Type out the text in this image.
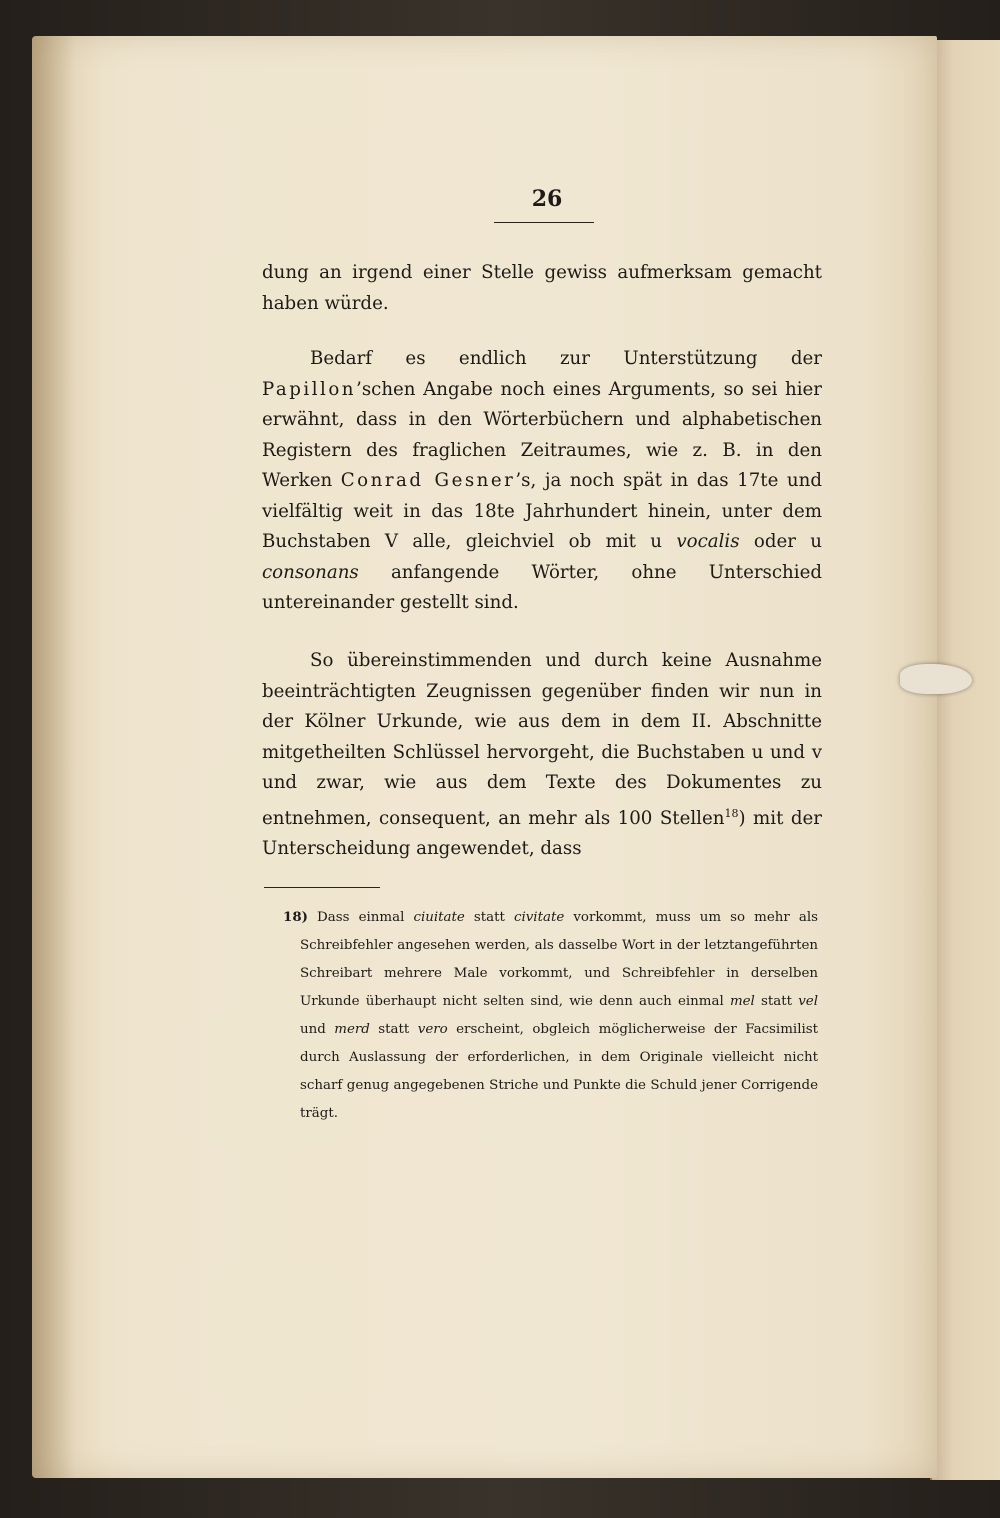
26

dung an irgend einer Stelle gewiss aufmerksam gemacht haben würde.

Bedarf es endlich zur Unterstützung der Papillon’schen Angabe noch eines Arguments, so sei hier erwähnt, dass in den Wörterbüchern und alphabetischen Registern des fraglichen Zeitraumes, wie z. B. in den Werken Conrad Gesner’s, ja noch spät in das 17te und vielfältig weit in das 18te Jahrhundert hinein, unter dem Buchstaben V alle, gleichviel ob mit u vocalis oder u consonans anfangende Wörter, ohne Unterschied untereinander gestellt sind.

So übereinstimmenden und durch keine Ausnahme beeinträchtigten Zeugnissen gegenüber finden wir nun in der Kölner Urkunde, wie aus dem in dem II. Abschnitte mitgetheilten Schlüssel hervorgeht, die Buchstaben u und v und zwar, wie aus dem Texte des Dokumentes zu entnehmen, consequent, an mehr als 100 Stellen$^{18}$) mit der Unterscheidung angewendet, dass

18) Dass einmal ciuitate statt civitate vorkommt, muss um so mehr als Schreibfehler angesehen werden, als dasselbe Wort in der letztangeführten Schreibart mehrere Male vorkommt, und Schreibfehler in derselben Urkunde überhaupt nicht selten sind, wie denn auch einmal mel statt vel und merd statt vero erscheint, obgleich möglicherweise der Facsimilist durch Auslassung der erforderlichen, in dem Originale vielleicht nicht scharf genug angegebenen Striche und Punkte die Schuld jener Corrigende trägt.
